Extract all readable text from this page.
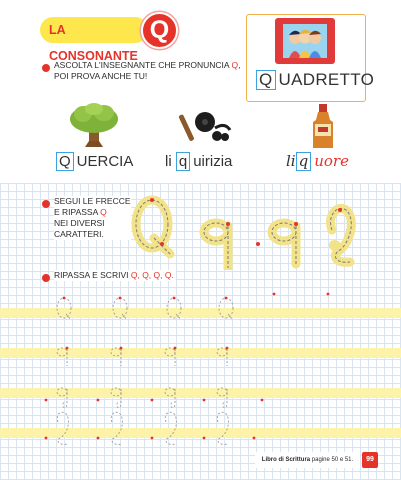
LA CONSONANTE
Q
ASCOLTA L'INSEGNANTE CHE PRONUNCIA Q,
POI PROVA ANCHE TU!	Q UADRETTO
Q UERCIA li q uirizia	li q uore
SEGUI LE FRECCE
E RIPASSA Q
NEI DIVERSI
CARATTERI.
RIPASSA E SCRIVI Q, Q, Q, Q.
Libro di Scrittura pagine 50 e 51.	99
